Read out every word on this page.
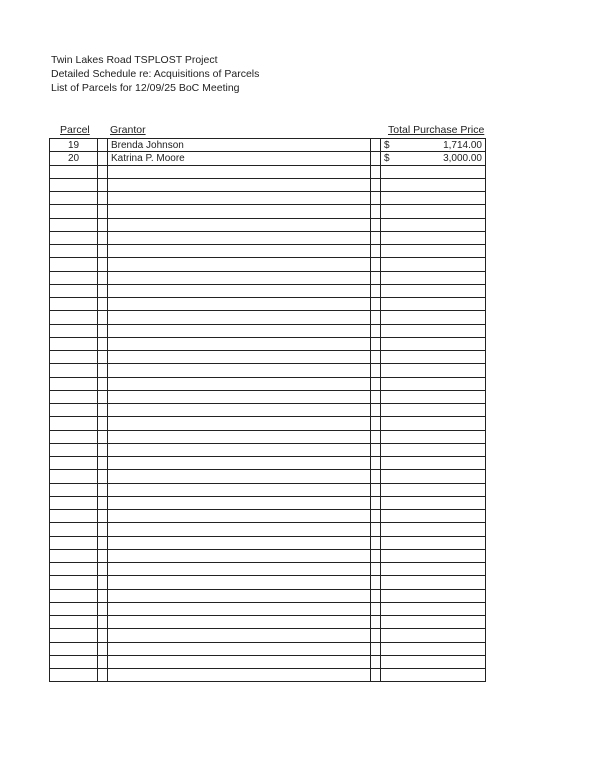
Twin Lakes Road TSPLOST Project
Detailed Schedule re: Acquisitions of Parcels
List of Parcels for 12/09/25 BoC Meeting
Parcel Grantor	Total Purchase Price
19		Brenda Johnson		$ 1,714.00

20		Katrina P. Moore		$ 3,000.00
